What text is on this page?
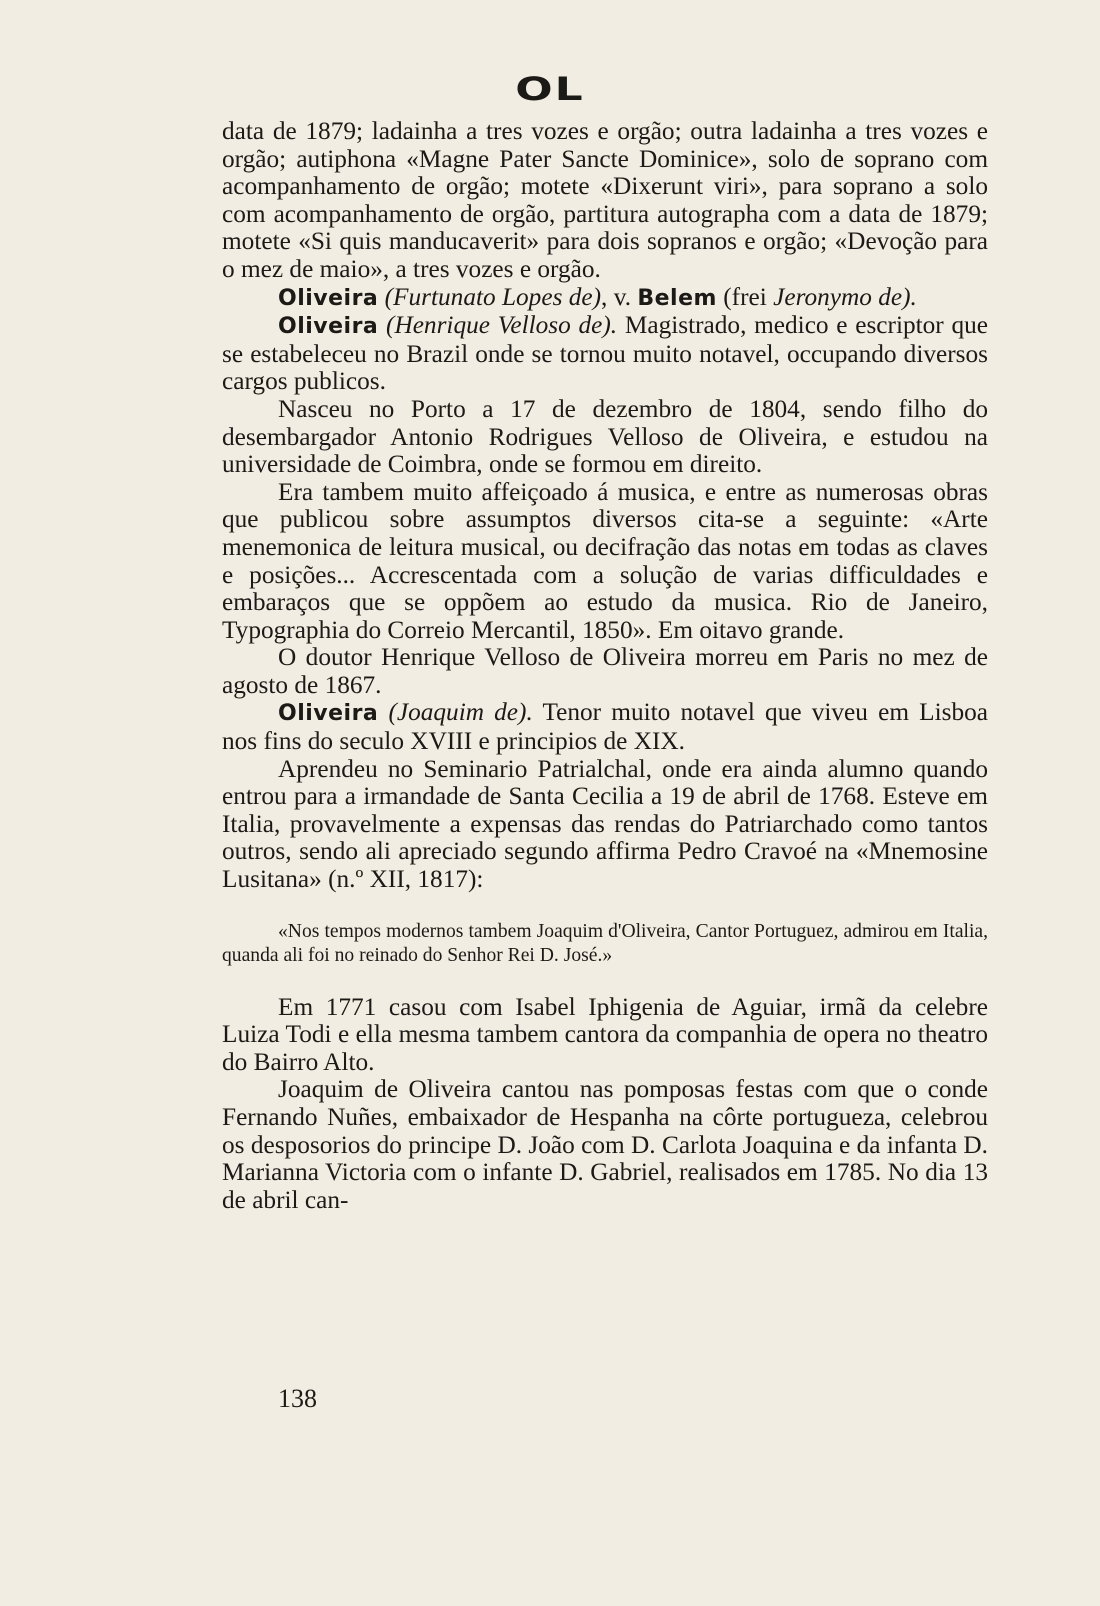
OL

data de 1879; ladainha a tres vozes e orgão; outra ladainha a tres vozes e orgão; autiphona «Magne Pater Sancte Dominice», solo de soprano com acompanhamento de orgão; motete «Dixerunt viri», para soprano a solo com acompanhamento de orgão, partitura autographa com a data de 1879; motete «Si quis manducaverit» para dois sopranos e orgão; «Devoção para o mez de maio», a tres vozes e orgão.

Oliveira (Furtunato Lopes de), v. Belem (frei Jeronymo de).

Oliveira (Henrique Velloso de). Magistrado, medico e escriptor que se estabeleceu no Brazil onde se tornou muito notavel, occupando diversos cargos publicos.

Nasceu no Porto a 17 de dezembro de 1804, sendo filho do desembargador Antonio Rodrigues Velloso de Oliveira, e estudou na universidade de Coimbra, onde se formou em direito.

Era tambem muito affeiçoado á musica, e entre as numerosas obras que publicou sobre assumptos diversos cita-se a seguinte: «Arte menemonica de leitura musical, ou decifração das notas em todas as claves e posições... Accrescentada com a solução de varias difficuldades e embaraços que se oppõem ao estudo da musica. Rio de Janeiro, Typographia do Correio Mercantil, 1850». Em oitavo grande.

O doutor Henrique Velloso de Oliveira morreu em Paris no mez de agosto de 1867.

Oliveira (Joaquim de). Tenor muito notavel que viveu em Lisboa nos fins do seculo XVIII e principios de XIX.

Aprendeu no Seminario Patrialchal, onde era ainda alumno quando entrou para a irmandade de Santa Cecilia a 19 de abril de 1768. Esteve em Italia, provavelmente a expensas das rendas do Patriarchado como tantos outros, sendo ali apreciado segundo affirma Pedro Cravoé na «Mnemosine Lusitana» (n.º XII, 1817):

«Nos tempos modernos tambem Joaquim d'Oliveira, Cantor Portuguez, admirou em Italia, quanda ali foi no reinado do Senhor Rei D. José.»

Em 1771 casou com Isabel Iphigenia de Aguiar, irmã da celebre Luiza Todi e ella mesma tambem cantora da companhia de opera no theatro do Bairro Alto.

Joaquim de Oliveira cantou nas pomposas festas com que o conde Fernando Nuñes, embaixador de Hespanha na côrte portugueza, celebrou os desposorios do principe D. João com D. Carlota Joaquina e da infanta D. Marianna Victoria com o infante D. Gabriel, realisados em 1785. No dia 13 de abril can-

138
